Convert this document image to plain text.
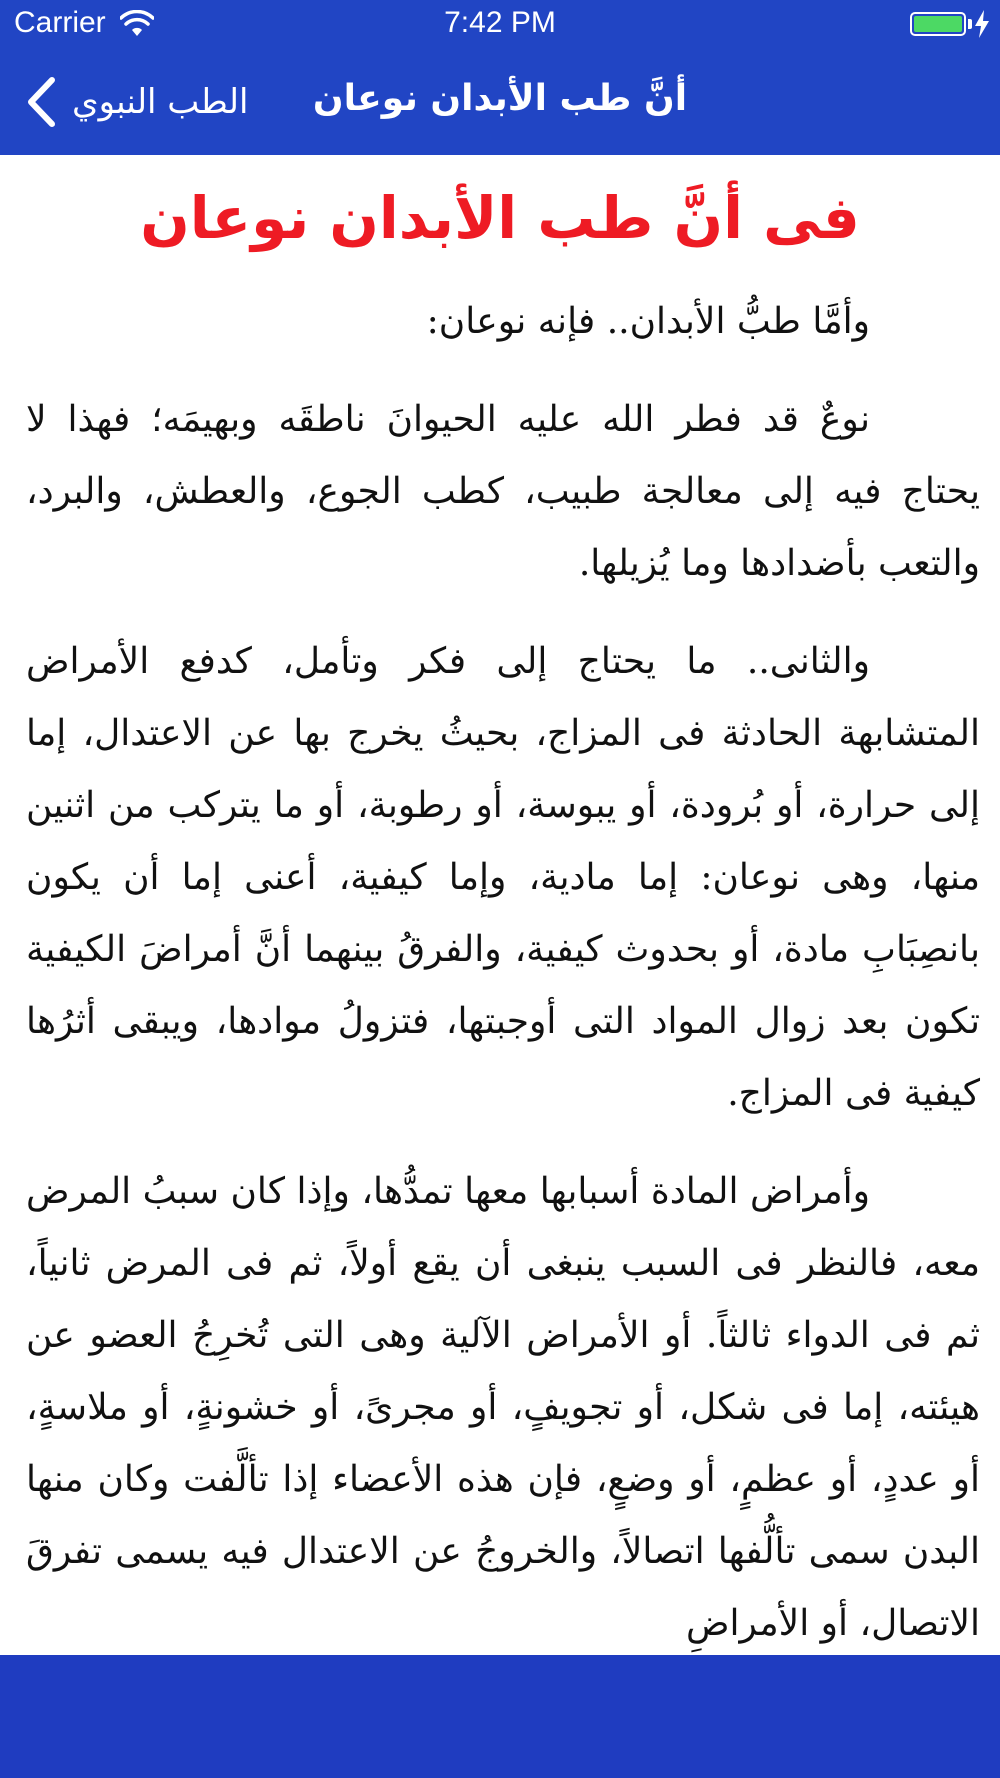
Carrier	7:42 PM
الطب النبوي	أنَّ طب الأبدان نوعان
فى أنَّ طب الأبدان نوعان

وأمَّا طبُّ الأبدان.. فإنه نوعان:

نوعٌ قد فطر الله عليه الحيوانَ ناطقَه وبهيمَه؛ فهذا لا يحتاج فيه إلى معالجة طبيب، كطب الجوع، والعطش، والبرد، والتعب بأضدادها وما يُزيلها.

والثانى.. ما يحتاج إلى فكر وتأمل، كدفع الأمراض المتشابهة الحادثة فى المزاج، بحيثُ يخرج بها عن الاعتدال، إما إلى حرارة، أو بُرودة، أو يبوسة، أو رطوبة، أو ما يتركب من اثنين منها، وهى نوعان: إما مادية، وإما كيفية، أعنى إما أن يكون بانصِبَابِ مادة، أو بحدوث كيفية، والفرقُ بينهما أنَّ أمراضَ الكيفية تكون بعد زوال المواد التى أوجبتها، فتزولُ موادها، ويبقى أثرُها كيفية فى المزاج.

وأمراض المادة أسبابها معها تمدُّها، وإذا كان سببُ المرض معه، فالنظر فى السبب ينبغى أن يقع أولاً، ثم فى المرض ثانياً، ثم فى الدواء ثالثاً. أو الأمراض الآلية وهى التى تُخرِجُ العضو عن هيئته، إما فى شكل، أو تجويفٍ، أو مجرىً، أو خشونةٍ، أو ملاسةٍ، أو عددٍ، أو عظمٍ، أو وضعٍ، فإن هذه الأعضاء إذا تألَّفت وكان منها البدن سمى تألُّفها اتصالاً، والخروجُ عن الاعتدال فيه يسمى تفرقَ الاتصال، أو الأمراضِ
